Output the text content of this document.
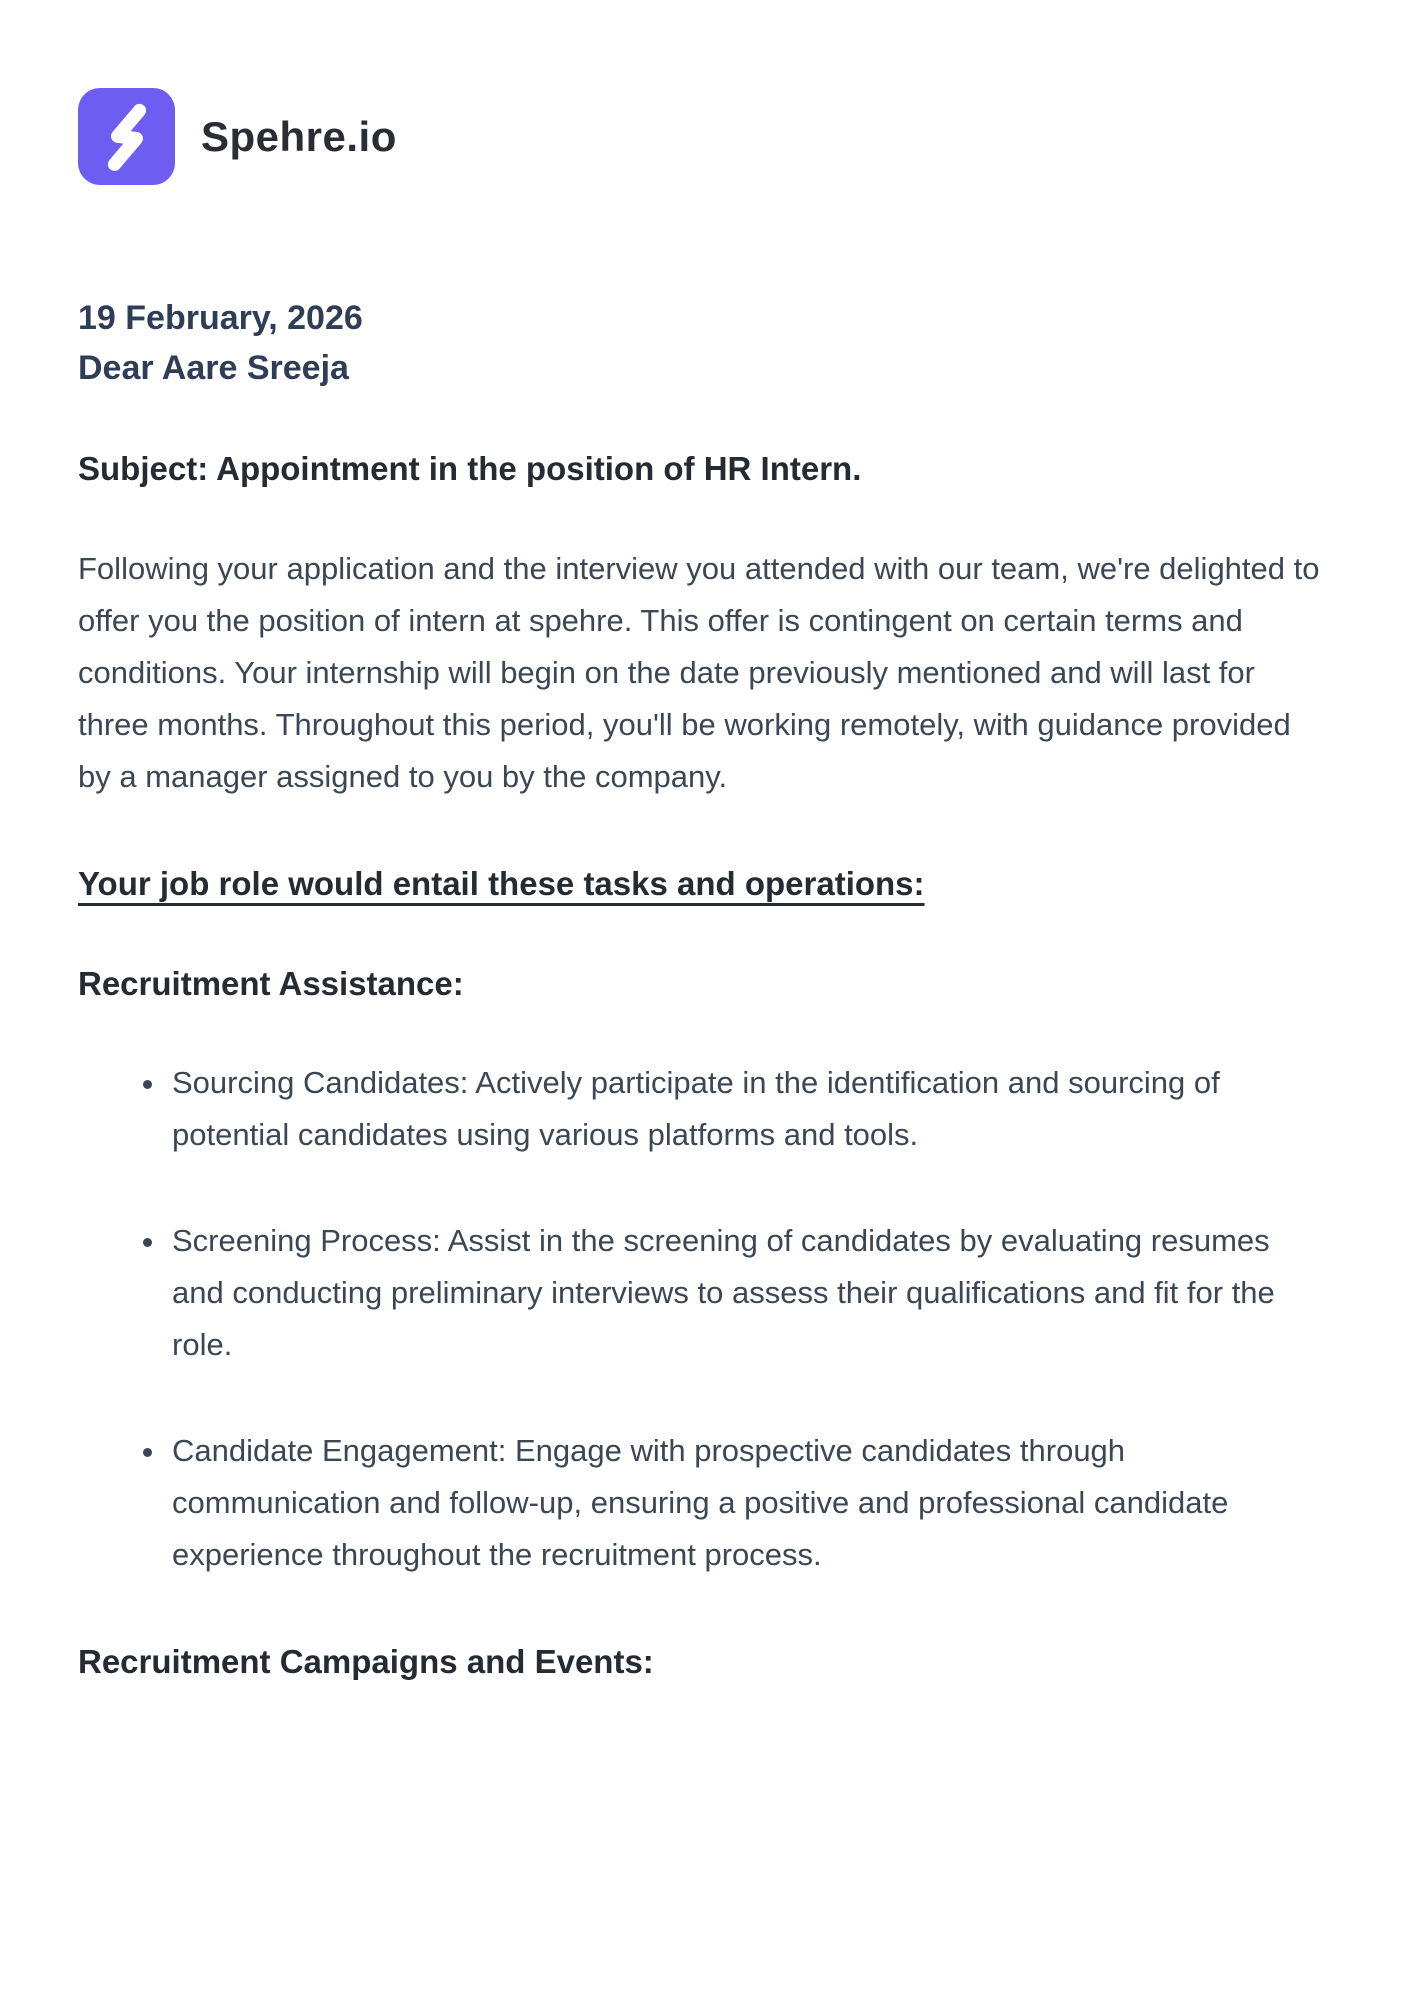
Spehre.io

19 February, 2026

Dear Aare Sreeja

Subject: Appointment in the position of HR Intern.

Following your application and the interview you attended with our team, we're delighted to offer you the position of intern at spehre. This offer is contingent on certain terms and conditions. Your internship will begin on the date previously mentioned and will last for three months. Throughout this period, you'll be working remotely, with guidance provided by a manager assigned to you by the company.

Your job role would entail these tasks and operations:
Recruitment Assistance:
• Sourcing Candidates: Actively participate in the identification and sourcing of potential candidates using various platforms and tools.
• Screening Process: Assist in the screening of candidates by evaluating resumes and conducting preliminary interviews to assess their qualifications and fit for the role.
• Candidate Engagement: Engage with prospective candidates through communication and follow-up, ensuring a positive and professional candidate experience throughout the recruitment process.
Recruitment Campaigns and Events:
